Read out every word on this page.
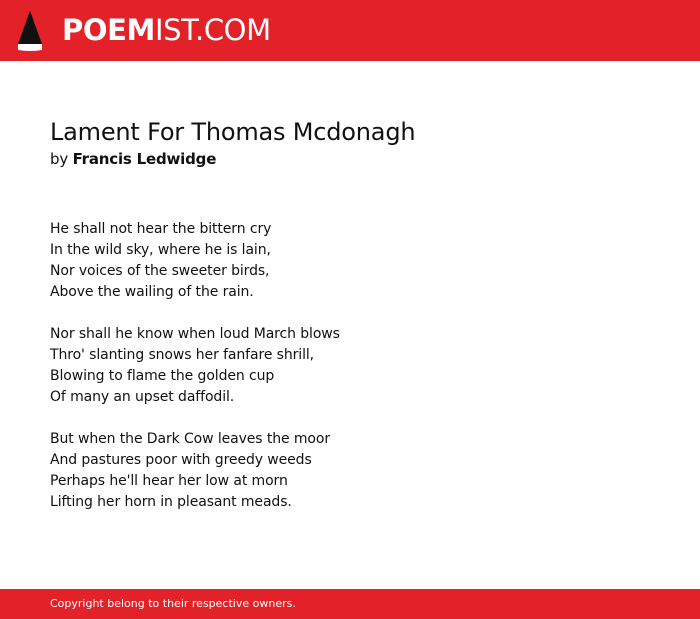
POEMIST.COM
Lament For Thomas Mcdonagh
by Francis Ledwidge
He shall not hear the bittern cry
In the wild sky, where he is lain,
Nor voices of the sweeter birds,
Above the wailing of the rain.
Nor shall he know when loud March blows
Thro' slanting snows her fanfare shrill,
Blowing to flame the golden cup
Of many an upset daffodil.
But when the Dark Cow leaves the moor
And pastures poor with greedy weeds
Perhaps he'll hear her low at morn
Lifting her horn in pleasant meads.
Copyright belong to their respective owners.
